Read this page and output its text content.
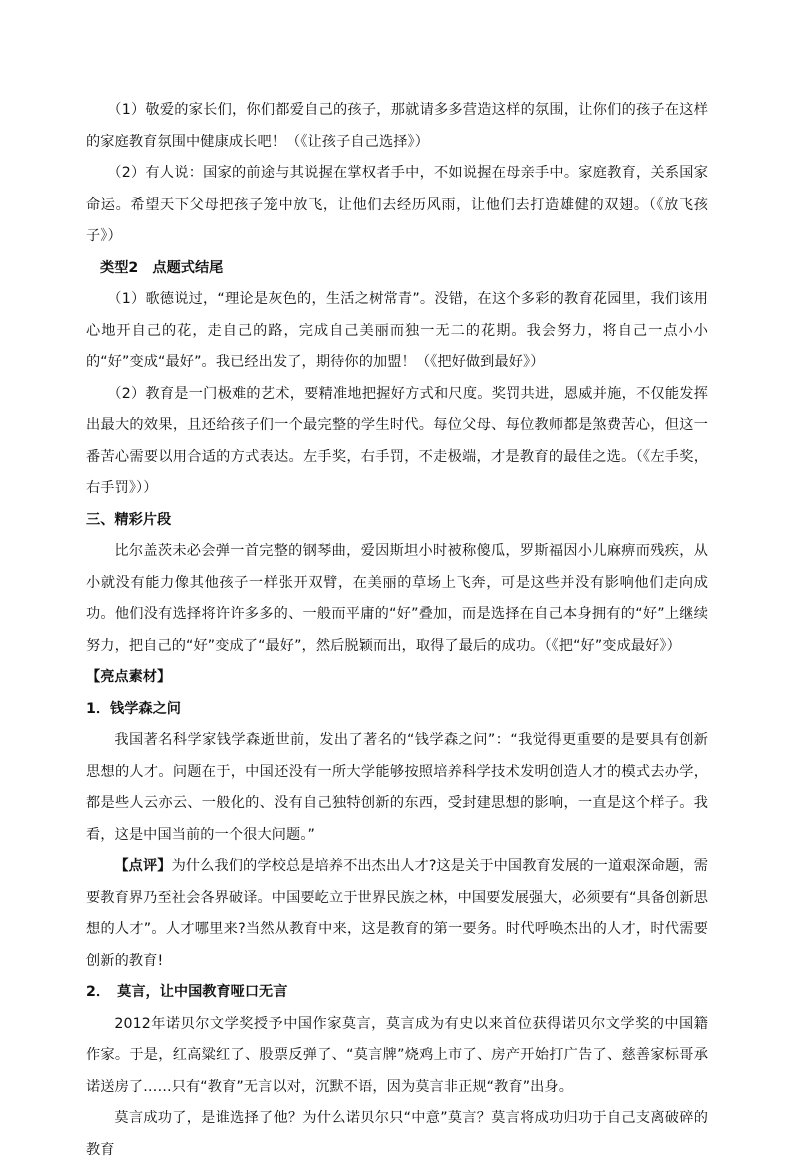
（1）敬爱的家长们，你们都爱自己的孩子，那就请多多营造这样的氛围，让你们的孩子在这样的家庭教育氛围中健康成长吧！（《让孩子自己选择》）

（2）有人说：国家的前途与其说握在掌权者手中，不如说握在母亲手中。家庭教育，关系国家命运。希望天下父母把孩子笼中放飞，让他们去经历风雨，让他们去打造雄健的双翅。（《放飞孩子》）

类型2　点题式结尾

（1）歌德说过，“理论是灰色的，生活之树常青”。没错，在这个多彩的教育花园里，我们该用心地开自己的花，走自己的路，完成自己美丽而独一无二的花期。我会努力，将自己一点小小的“好”变成“最好”。我已经出发了，期待你的加盟！（《把好做到最好》）

（2）教育是一门极难的艺术，要精准地把握好方式和尺度。奖罚共进，恩威并施，不仅能发挥出最大的效果，且还给孩子们一个最完整的学生时代。每位父母、每位教师都是煞费苦心，但这一番苦心需要以用合适的方式表达。左手奖，右手罚，不走极端，才是教育的最佳之选。（《左手奖，右手罚》））

三、精彩片段

比尔盖茨未必会弹一首完整的钢琴曲，爱因斯坦小时被称傻瓜，罗斯福因小儿麻痹而残疾，从小就没有能力像其他孩子一样张开双臂，在美丽的草场上飞奔，可是这些并没有影响他们走向成功。他们没有选择将许许多多的、一般而平庸的“好”叠加，而是选择在自己本身拥有的“好”上继续努力，把自己的“好”变成了“最好”，然后脱颖而出，取得了最后的成功。（《把“好”变成最好》）

【亮点素材】
1．钱学森之问

我国著名科学家钱学森逝世前，发出了著名的“钱学森之问”：“我觉得更重要的是要具有创新思想的人才。问题在于，中国还没有一所大学能够按照培养科学技术发明创造人才的模式去办学，都是些人云亦云、一般化的、没有自己独特创新的东西，受封建思想的影响，一直是这个样子。我看，这是中国当前的一个很大问题。”

【点评】为什么我们的学校总是培养不出杰出人才?这是关于中国教育发展的一道艰深命题，需要教育界乃至社会各界破译。中国要屹立于世界民族之林，中国要发展强大，必须要有“具备创新思想的人才”。人才哪里来?当然从教育中来，这是教育的第一要务。时代呼唤杰出的人才，时代需要创新的教育!

2．　莫言，让中国教育哑口无言

2012年诺贝尔文学奖授予中国作家莫言，莫言成为有史以来首位获得诺贝尔文学奖的中国籍作家。于是，红高粱红了、股票反弹了、“莫言牌”烧鸡上市了、房产开始打广告了、慈善家标哥承诺送房了……只有“教育”无言以对，沉默不语，因为莫言非正规“教育”出身。

莫言成功了，是谁选择了他？为什么诺贝尔只“中意”莫言？莫言将成功归功于自己支离破碎的教育
